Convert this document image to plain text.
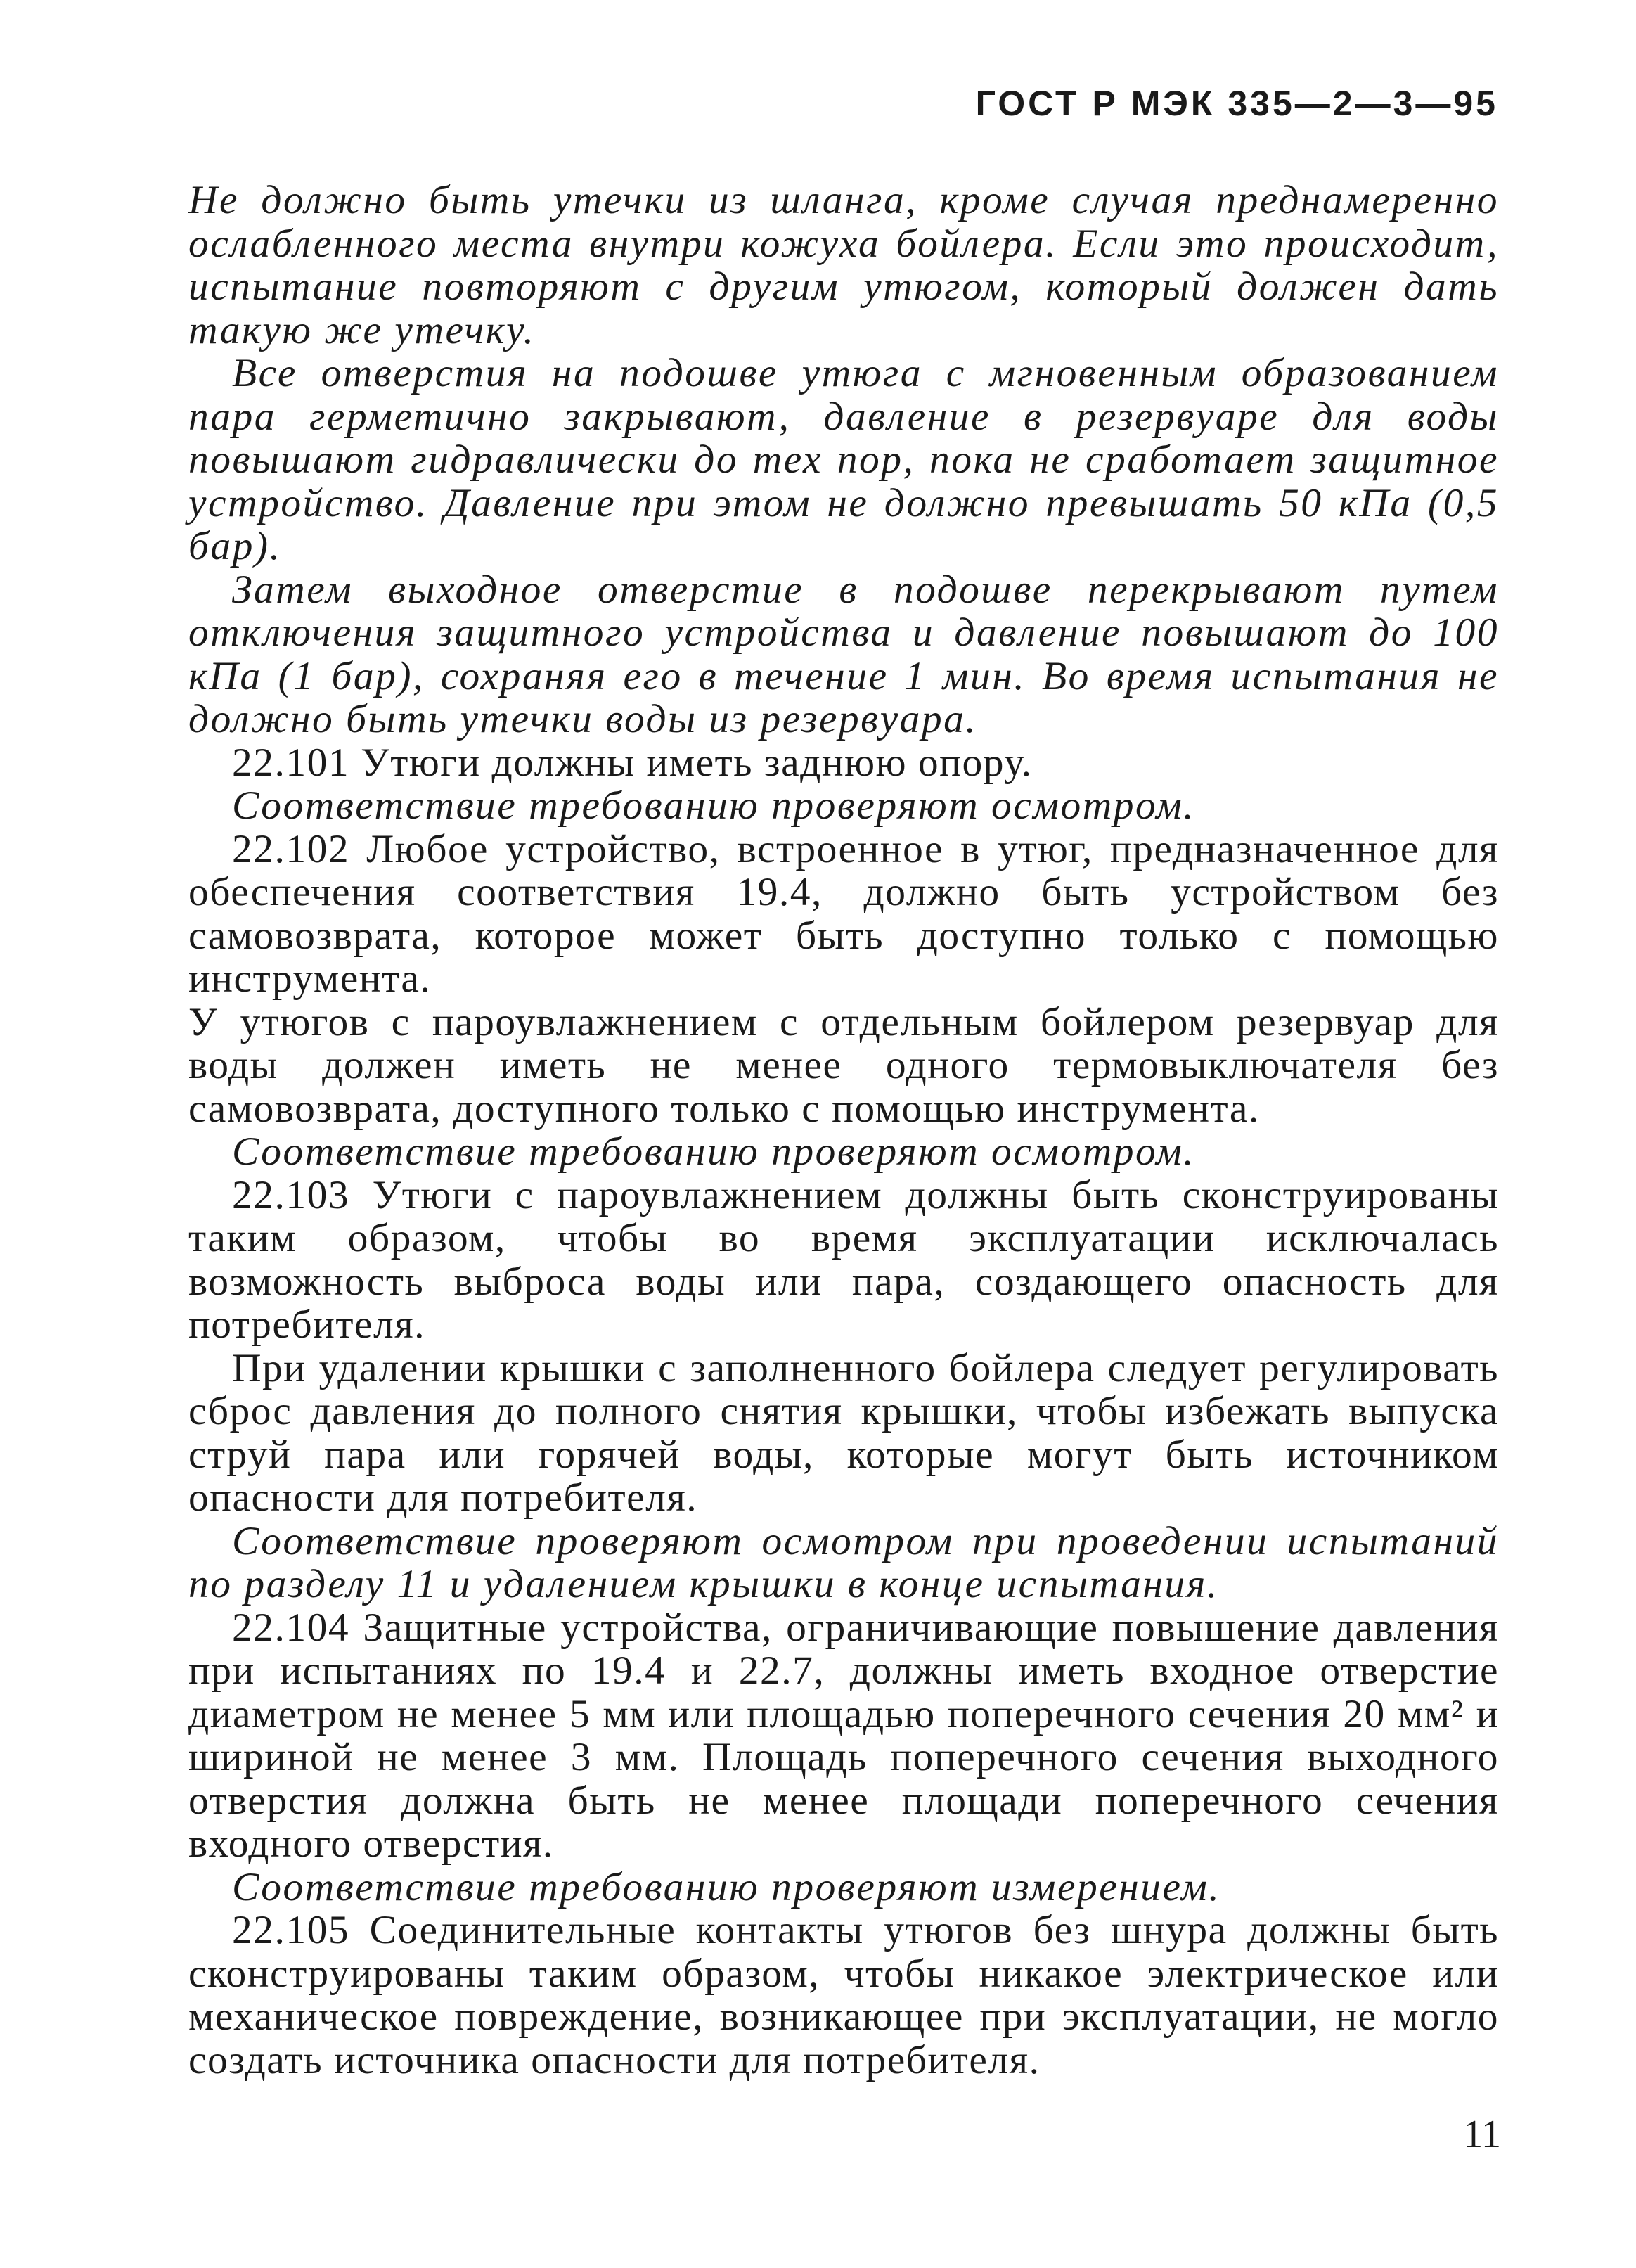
ГОСТ Р МЭК 335—2—3—95

Не должно быть утечки из шланга, кроме случая преднамеренно ослабленного места внутри кожуха бойлера. Если это происходит, испытание повторяют с другим утюгом, который должен дать такую же утечку.

Все отверстия на подошве утюга с мгновенным образованием пара герметично закрывают, давление в резервуаре для воды повышают гидравлически до тех пор, пока не сработает защитное устройство. Давление при этом не должно превышать 50 кПа (0,5 бар).

Затем выходное отверстие в подошве перекрывают путем отключения защитного устройства и давление повышают до 100 кПа (1 бар), сохраняя его в течение 1 мин. Во время испытания не должно быть утечки воды из резервуара.

22.101 Утюги должны иметь заднюю опору.

Соответствие требованию проверяют осмотром.

22.102 Любое устройство, встроенное в утюг, предназначенное для обеспечения соответствия 19.4, должно быть устройством без самовозврата, которое может быть доступно только с помощью инструмента.

У утюгов с пароувлажнением с отдельным бойлером резервуар для воды должен иметь не менее одного термовыключателя без самовозврата, доступного только с помощью инструмента.

Соответствие требованию проверяют осмотром.

22.103 Утюги с пароувлажнением должны быть сконструированы таким образом, чтобы во время эксплуатации исключалась возможность выброса воды или пара, создающего опасность для потребителя.

При удалении крышки с заполненного бойлера следует регулировать сброс давления до полного снятия крышки, чтобы избежать выпуска струй пара или горячей воды, которые могут быть источником опасности для потребителя.

Соответствие проверяют осмотром при проведении испытаний по разделу 11 и удалением крышки в конце испытания.

22.104 Защитные устройства, ограничивающие повышение давления при испытаниях по 19.4 и 22.7, должны иметь входное отверстие диаметром не менее 5 мм или площадью поперечного сечения 20 мм² и шириной не менее 3 мм. Площадь поперечного сечения выходного отверстия должна быть не менее площади поперечного сечения входного отверстия.

Соответствие требованию проверяют измерением.

22.105 Соединительные контакты утюгов без шнура должны быть сконструированы таким образом, чтобы никакое электрическое или механическое повреждение, возникающее при эксплуатации, не могло создать источника опасности для потребителя.

11
